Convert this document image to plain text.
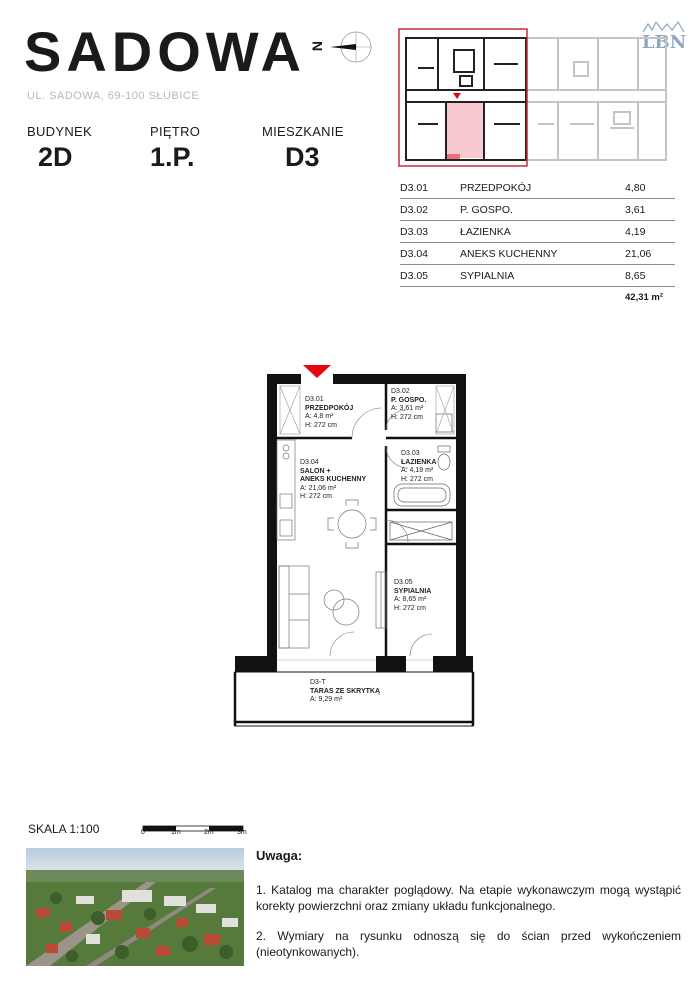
SADOWA
UL. SADOWA, 69-100 SŁUBICE
N
BUDYNEK
2D
PIĘTRO
1.P.
MIESZKANIE
D3
LBN
D3.01	PRZEDPOKÓJ	4,80
D3.02	P. GOSPO.	3,61
D3.03	ŁAZIENKA	4,19
D3.04	ANEKS KUCHENNY	21,06
D3.05	SYPIALNIA	8,65
		42,31 m²
D3.01
PRZEDPOKÓJ
A: 4,8 m²
H: 272 cm
D3.02
P. GOSPO.
A: 3,61 m²
H: 272 cm
D3.03
ŁAZIENKA
A: 4,19 m²
H: 272 cm
D3.04
SALON +
ANEKS KUCHENNY
A: 21,06 m²
H: 272 cm
D3.05
SYPIALNIA
A: 8,65 m²
H: 272 cm
D3-T
TARAS ZE SKRYTKĄ
A: 9,29 m²
SKALA 1:100	0	1m	2m	3m
Uwaga:

1. Katalog ma charakter poglądowy. Na etapie wykonawczym mogą wystąpić korekty powierzchni oraz zmiany układu funkcjonalnego.

2. Wymiary na rysunku odnoszą się do ścian przed wykończeniem (nieotynkowanych).
